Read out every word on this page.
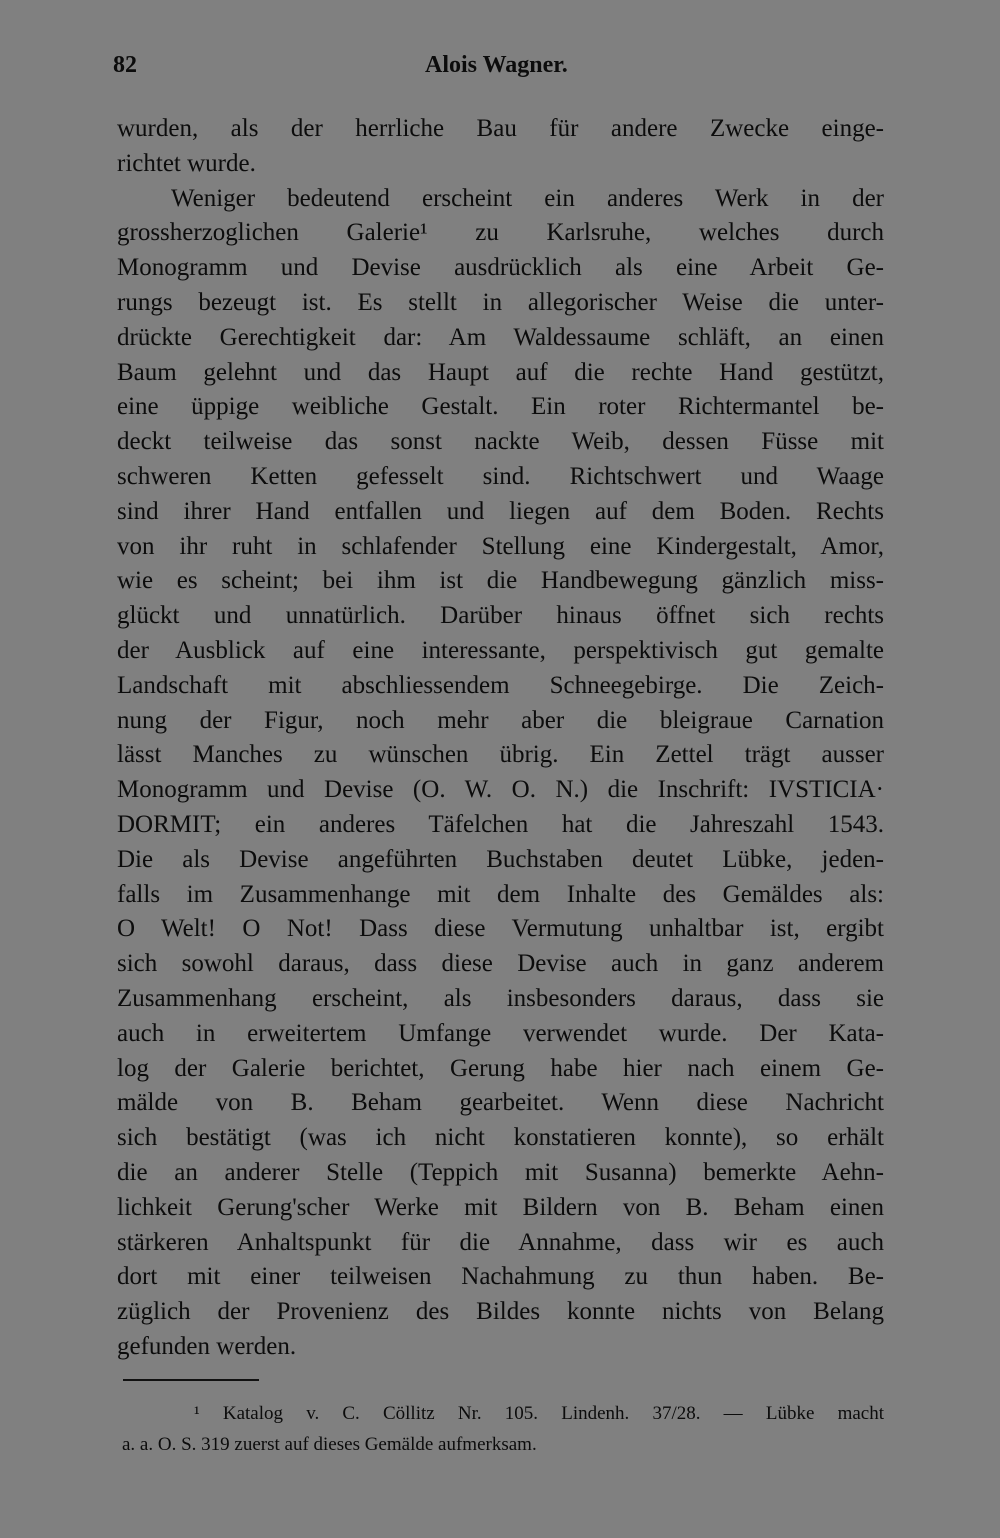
82	Alois Wagner.
wurden, als der herrliche Bau für andere Zwecke einge-
richtet wurde.
Weniger bedeutend erscheint ein anderes Werk in der
grossherzoglichen Galerie¹ zu Karlsruhe, welches durch
Monogramm und Devise ausdrücklich als eine Arbeit Ge-
rungs bezeugt ist. Es stellt in allegorischer Weise die unter-
drückte Gerechtigkeit dar: Am Waldessaume schläft, an einen
Baum gelehnt und das Haupt auf die rechte Hand gestützt,
eine üppige weibliche Gestalt. Ein roter Richtermantel be-
deckt teilweise das sonst nackte Weib, dessen Füsse mit
schweren Ketten gefesselt sind. Richtschwert und Waage
sind ihrer Hand entfallen und liegen auf dem Boden. Rechts
von ihr ruht in schlafender Stellung eine Kindergestalt, Amor,
wie es scheint; bei ihm ist die Handbewegung gänzlich miss-
glückt und unnatürlich. Darüber hinaus öffnet sich rechts
der Ausblick auf eine interessante, perspektivisch gut gemalte
Landschaft mit abschliessendem Schneegebirge. Die Zeich-
nung der Figur, noch mehr aber die bleigraue Carnation
lässt Manches zu wünschen übrig. Ein Zettel trägt ausser
Monogramm und Devise (O. W. O. N.) die Inschrift: IVSTICIA·
DORMIT; ein anderes Täfelchen hat die Jahreszahl 1543.
Die als Devise angeführten Buchstaben deutet Lübke, jeden-
falls im Zusammenhange mit dem Inhalte des Gemäldes als:
O Welt! O Not! Dass diese Vermutung unhaltbar ist, ergibt
sich sowohl daraus, dass diese Devise auch in ganz anderem
Zusammenhang erscheint, als insbesonders daraus, dass sie
auch in erweitertem Umfange verwendet wurde. Der Kata-
log der Galerie berichtet, Gerung habe hier nach einem Ge-
mälde von B. Beham gearbeitet. Wenn diese Nachricht
sich bestätigt (was ich nicht konstatieren konnte), so erhält
die an anderer Stelle (Teppich mit Susanna) bemerkte Aehn-
lichkeit Gerung'scher Werke mit Bildern von B. Beham einen
stärkeren Anhaltspunkt für die Annahme, dass wir es auch
dort mit einer teilweisen Nachahmung zu thun haben. Be-
züglich der Provenienz des Bildes konnte nichts von Belang
gefunden werden.
¹ Katalog v. C. Cöllitz Nr. 105. Lindenh. 37/28. — Lübke macht
a. a. O. S. 319 zuerst auf dieses Gemälde aufmerksam.
